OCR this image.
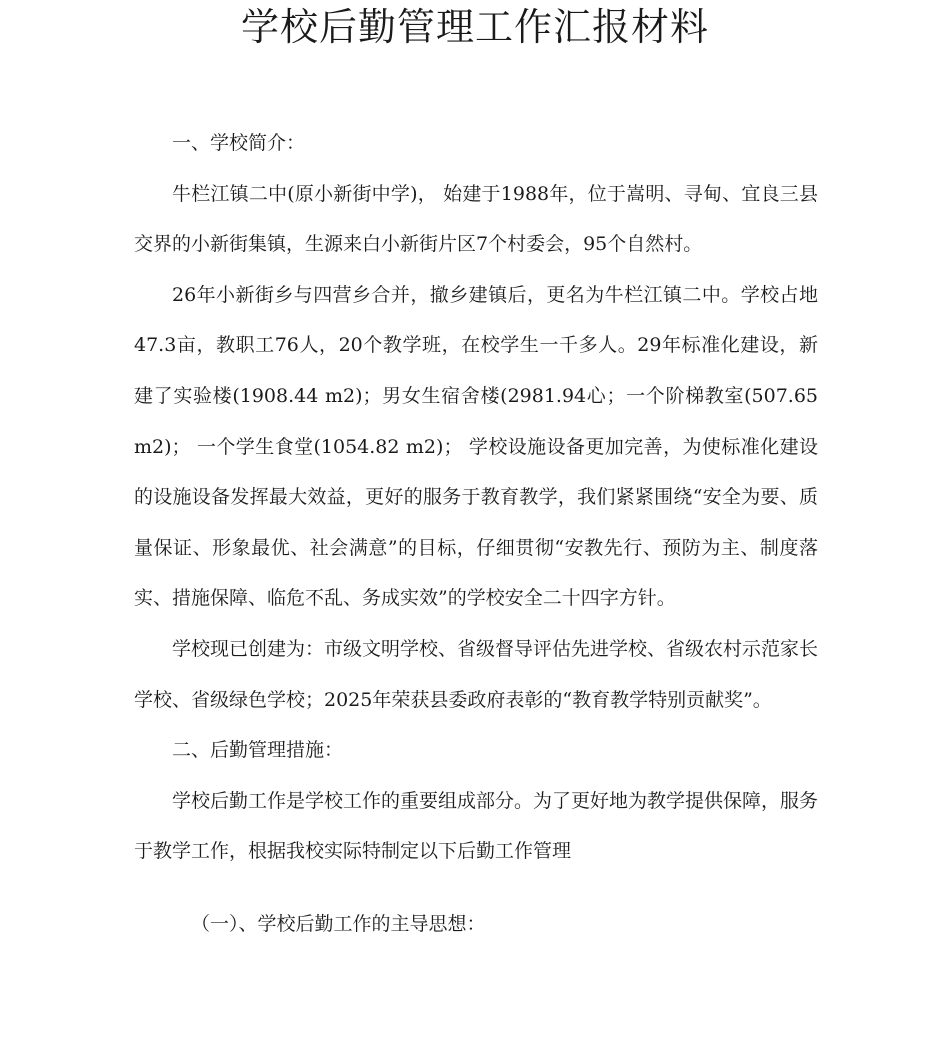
学校后勤管理工作汇报材料

一、学校简介：

牛栏江镇二中(原小新街中学)， 始建于1988年，位于嵩明、寻甸、宜良三县交界的小新街集镇，生源来白小新街片区7个村委会，95个自然村。

26年小新街乡与四营乡合并，撤乡建镇后，更名为牛栏江镇二中。学校占地47.3亩，教职工76人，20个教学班，在校学生一千多人。29年标准化建设，新建了实验楼(1908.44 m2)；男女生宿舍楼(2981.94心；一个阶梯教室(507.65 m2)； 一个学生食堂(1054.82 m2)； 学校设施设备更加完善，为使标准化建设的设施设备发挥最大效益，更好的服务于教育教学，我们紧紧围绕“安全为要、质量保证、形象最优、社会满意”的目标，仔细贯彻“安教先行、预防为主、制度落实、措施保障、临危不乱、务成实效”的学校安全二十四字方针。

学校现已创建为：市级文明学校、省级督导评估先进学校、省级农村示范家长学校、省级绿色学校；2025年荣获县委政府表彰的“教育教学特别贡献奖”。

二、后勤管理措施：

学校后勤工作是学校工作的重要组成部分。为了更好地为教学提供保障，服务于教学工作，根据我校实际特制定以下后勤工作管理

（一）、学校后勤工作的主导思想：
